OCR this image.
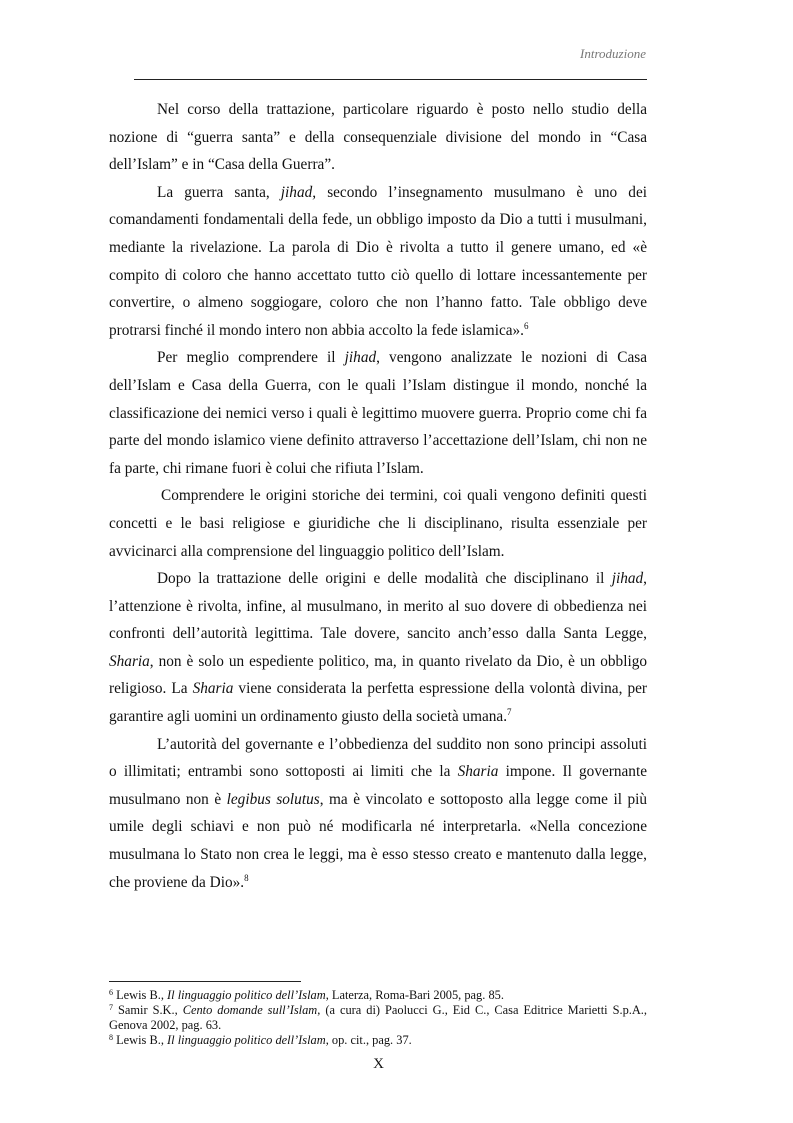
Introduzione

Nel corso della trattazione, particolare riguardo è posto nello studio della nozione di “guerra santa” e della consequenziale divisione del mondo in “Casa dell’Islam” e in “Casa della Guerra”.

La guerra santa, jihad, secondo l’insegnamento musulmano è uno dei comandamenti fondamentali della fede, un obbligo imposto da Dio a tutti i musulmani, mediante la rivelazione. La parola di Dio è rivolta a tutto il genere umano, ed «è compito di coloro che hanno accettato tutto ciò quello di lottare incessantemente per convertire, o almeno soggiogare, coloro che non l’hanno fatto. Tale obbligo deve protrarsi finché il mondo intero non abbia accolto la fede islamica».$^6$

Per meglio comprendere il jihad, vengono analizzate le nozioni di Casa dell’Islam e Casa della Guerra, con le quali l’Islam distingue il mondo, nonché la classificazione dei nemici verso i quali è legittimo muovere guerra. Proprio come chi fa parte del mondo islamico viene definito attraverso l’accettazione dell’Islam, chi non ne fa parte, chi rimane fuori è colui che rifiuta l’Islam.

Comprendere le origini storiche dei termini, coi quali vengono definiti questi concetti e le basi religiose e giuridiche che li disciplinano, risulta essenziale per avvicinarci alla comprensione del linguaggio politico dell’Islam.

Dopo la trattazione delle origini e delle modalità che disciplinano il jihad, l’attenzione è rivolta, infine, al musulmano, in merito al suo dovere di obbedienza nei confronti dell’autorità legittima. Tale dovere, sancito anch’esso dalla Santa Legge, Sharia, non è solo un espediente politico, ma, in quanto rivelato da Dio, è un obbligo religioso. La Sharia viene considerata la perfetta espressione della volontà divina, per garantire agli uomini un ordinamento giusto della società umana.$^7$

L’autorità del governante e l’obbedienza del suddito non sono principi assoluti o illimitati; entrambi sono sottoposti ai limiti che la Sharia impone. Il governante musulmano non è legibus solutus, ma è vincolato e sottoposto alla legge come il più umile degli schiavi e non può né modificarla né interpretarla. «Nella concezione musulmana lo Stato non crea le leggi, ma è esso stesso creato e mantenuto dalla legge, che proviene da Dio».$^8$

$^6$ Lewis B., Il linguaggio politico dell’Islam, Laterza, Roma-Bari 2005, pag. 85.

$^7$ Samir S.K., Cento domande sull’Islam, (a cura di) Paolucci G., Eid C., Casa Editrice Marietti S.p.A., Genova 2002, pag. 63.

$^8$ Lewis B., Il linguaggio politico dell’Islam, op. cit., pag. 37.

X
